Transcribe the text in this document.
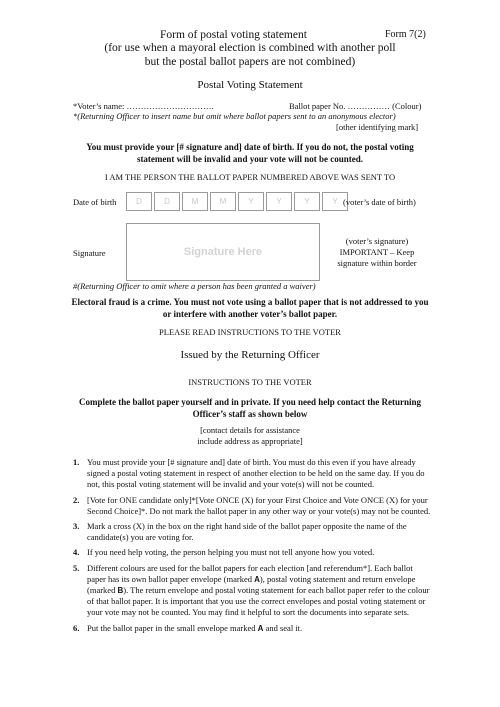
Form of postal voting statement
(for use when a mayoral election is combined with another poll
but the postal ballot papers are not combined)
Form 7(2)
Postal Voting Statement
*Voter’s name: ………………………….	Ballot paper No. …………… (Colour)
*(Returning Officer to insert name but omit where ballot papers sent to an anonymous elector)
[other identifying mark]
You must provide your [# signature and] date of birth. If you do not, the postal voting statement will be invalid and your vote will not be counted.
I AM THE PERSON THE BALLOT PAPER NUMBERED ABOVE WAS SENT TO
Date of birth	D	D	M	M	Y	Y	Y	Y (voter’s date of birth)
Signature	Signature Here
(voter’s signature)
IMPORTANT – Keep signature within border
#(Returning Officer to omit where a person has been granted a waiver)
Electoral fraud is a crime. You must not vote using a ballot paper that is not addressed to you or interfere with another voter’s ballot paper.
PLEASE READ INSTRUCTIONS TO THE VOTER
Issued by the Returning Officer
INSTRUCTIONS TO THE VOTER
Complete the ballot paper yourself and in private. If you need help contact the Returning Officer’s staff as shown below
[contact details for assistance
include address as appropriate]
1. You must provide your [# signature and] date of birth. You must do this even if you have already signed a postal voting statement in respect of another election to be held on the same day. If you do not, this postal voting statement will be invalid and your vote(s) will not be counted.
2. [Vote for ONE candidate only]*[Vote ONCE (X) for your First Choice and Vote ONCE (X) for your Second Choice]*. Do not mark the ballot paper in any other way or your vote(s) may not be counted.
3. Mark a cross (X) in the box on the right hand side of the ballot paper opposite the name of the candidate(s) you are voting for.
4. If you need help voting, the person helping you must not tell anyone how you voted.
5. Different colours are used for the ballot papers for each election [and referendum*]. Each ballot paper has its own ballot paper envelope (marked A), postal voting statement and return envelope (marked B). The return envelope and postal voting statement for each ballot paper refer to the colour of that ballot paper. It is important that you use the correct envelopes and postal voting statement or your vote may not be counted. You may find it helpful to sort the documents into separate sets.
6. Put the ballot paper in the small envelope marked A and seal it.
